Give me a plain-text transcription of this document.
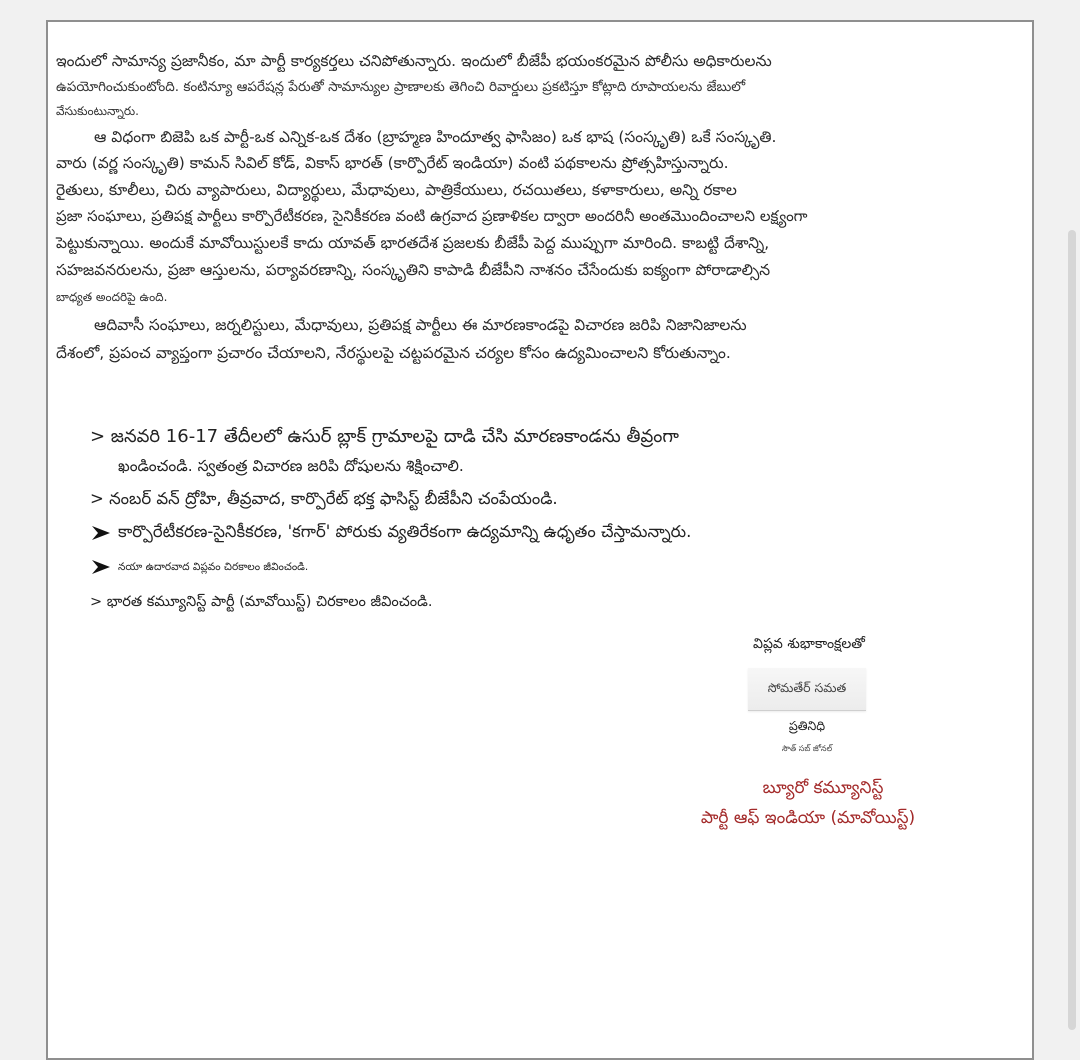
ఇందులో సామాన్య ప్రజానీకం, మా పార్టీ కార్యకర్తలు చనిపోతున్నారు. ఇందులో బీజేపీ భయంకరమైన పోలీసు అధికారులను

ఉపయోగించుకుంటోంది. కంటిన్యూ ఆపరేషన్ల పేరుతో సామాన్యుల ప్రాణాలకు తెగించి రివార్డులు ప్రకటిస్తూ కోట్లాది రూపాయలను జేబులో

వేసుకుంటున్నారు.

ఆ విధంగా బిజెపి ఒక పార్టీ-ఒక ఎన్నిక-ఒక దేశం (బ్రాహ్మణ హిందూత్వ ఫాసిజం) ఒక భాష (సంస్కృతి) ఒకే సంస్కృతి.

వారు (వర్ణ సంస్కృతి) కామన్ సివిల్ కోడ్, వికాస్ భారత్ (కార్పొరేట్ ఇండియా) వంటి పథకాలను ప్రోత్సహిస్తున్నారు.

రైతులు, కూలీలు, చిరు వ్యాపారులు, విద్యార్థులు, మేధావులు, పాత్రికేయులు, రచయితలు, కళాకారులు, అన్ని రకాల

ప్రజా సంఘాలు, ప్రతిపక్ష పార్టీలు కార్పొరేటీకరణ, సైనికీకరణ వంటి ఉగ్రవాద ప్రణాళికల ద్వారా అందరినీ అంతమొందించాలని లక్ష్యంగా

పెట్టుకున్నాయి. అందుకే మావోయిస్టులకే కాదు యావత్ భారతదేశ ప్రజలకు బీజేపీ పెద్ద ముప్పుగా మారింది. కాబట్టి దేశాన్ని,

సహజవనరులను, ప్రజా ఆస్తులను, పర్యావరణాన్ని, సంస్కృతిని కాపాడి బీజేపీని నాశనం చేసేందుకు ఐక్యంగా పోరాడాల్సిన

బాధ్యత అందరిపై ఉంది.

ఆదివాసీ సంఘాలు, జర్నలిస్టులు, మేధావులు, ప్రతిపక్ష పార్టీలు ఈ మారణకాండపై విచారణ జరిపి నిజానిజాలను

దేశంలో, ప్రపంచ వ్యాప్తంగా ప్రచారం చేయాలని, నేరస్థులపై చట్టపరమైన చర్యల కోసం ఉద్యమించాలని కోరుతున్నాం.

> జనవరి 16-17 తేదీలలో ఉసుర్ బ్లాక్ గ్రామాలపై దాడి చేసి మారణకాండను తీవ్రంగా

ఖండించండి. స్వతంత్ర విచారణ జరిపి దోషులను శిక్షించాలి.

> నంబర్ వన్ ద్రోహి, తీవ్రవాద, కార్పొరేట్ భక్త ఫాసిస్ట్ బీజేపీని చంపేయండి.

కార్పొరేటీకరణ-సైనికీకరణ, 'కగార్' పోరుకు వ్యతిరేకంగా ఉద్యమాన్ని ఉధృతం చేస్తామన్నారు.
నయా ఉదారవాద విప్లవం చిరకాలం జీవించండి.

> భారత కమ్యూనిస్ట్ పార్టీ (మావోయిస్ట్) చిరకాలం జీవించండి.

విప్లవ శుభాకాంక్షలతో
సోమతేర్ సమత
ప్రతినిధి
సౌత్ సబ్ జోనల్
బ్యూరో కమ్యూనిస్ట్
పార్టీ ఆఫ్ ఇండియా (మావోయిస్ట్)
